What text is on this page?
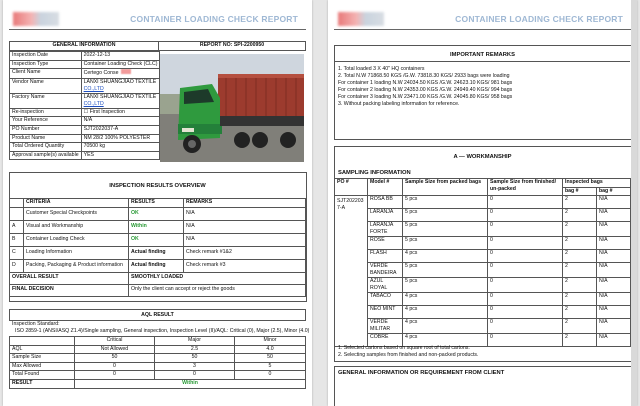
CONTAINER LOADING CHECK REPORT
GENERAL INFORMATION	REPORT NO: SPI-2200950
Inspection Date	2022-12-13
Inspection Type	Container Loading Check (CLC)
Client Name	Certego Conse
Vendor Name	LANXI SHUANGJIAO TEXTILE
CO.,LTD
Factory Name	LANXI SHUANGJIAO TEXTILE
CO.,LTD
Re-inspection	☐ First Inspection
Your Reference	N/A
PO Number	SJT2022037-A
Product Name	NM 28/2 100% POLYESTER
Total Ordered Quantity	70500 kg
Approval sample(s) available	YES
INSPECTION RESULTS OVERVIEW
	CRITERIA	RESULTS	REMARKS
	Customer Special Checkpoints	OK	N/A
A	Visual and Workmanship	Within	N/A
B	Container Loading Check	OK	N/A
C	Loading Information	Actual finding	Check remark #1&2
D	Packing, Packaging & Product information	Actual finding	Check remark #3
OVERALL RESULT		SMOOTHLY LOADED	
FINAL DECISION		Only the client can accept or reject the goods	
AQL RESULT
Inspection Standard:
ISO 2859-1 (ANSI/ASQ Z1.4)/Single sampling, General inspection, Inspection Level (II)/AQL: Critical (0), Major (2.5), Minor (4.0)
	Critical	Major	Minor
AQL	Not Allowed	2.5	4.0
Sample Size	50	50	50
Max Allowed	0	3	5
Total Found	0	0	0
RESULT	Within		
CONTAINER LOADING CHECK REPORT
IMPORTANT REMARKS
1. Total loaded 3 X 40" HQ containers
2. Total N.W 71868.50 KGS /G.W. 73818.30 KGS/ 2933 bags were loading
For container 1 loading N.W 24034.50 KGS /G.W. 24623.10 KGS/ 981 bags
For container 2 loading N.W 24353.00 KGS /G.W. 24949.40 KGS/ 994 bags
For container 3 loading N.W 23471.00 KGS /G.W. 24045.80 KGS/ 958 bags
3. Without packing labeling information for reference.
A — WORKMANSHIP
SAMPLING INFORMATION
PO #	Model #	Sample Size from packed bags	Sample Size from finished/ un-packed	Inspected bags	
				bag #	bag #
SJT202203 7-A	ROSA BB	5 pcs	0	2	N/A
	LARANJA	5 pcs	0	2	N/A
	LARANJA FORTE	5 pcs	0	2	N/A
	ROSE	5 pcs	0	2	N/A
	FLASH	4 pcs	0	2	N/A
	VERDE BANDEIRA	5 pcs	0	2	N/A
	AZUL ROYAL	5 pcs	0	2	N/A
	TABACO	4 pcs	0	2	N/A
	NEO MINT	4 pcs	0	2	N/A
	VERDE MILITAR	4 pcs	0	2	N/A
	COBRE	4 pcs	0	2	N/A
1. Selected cartons based on square root of total cartons.
2. Selecting samples from finished and non-packed products.
GENERAL INFORMATION OR REQUIREMENT FROM CLIENT
